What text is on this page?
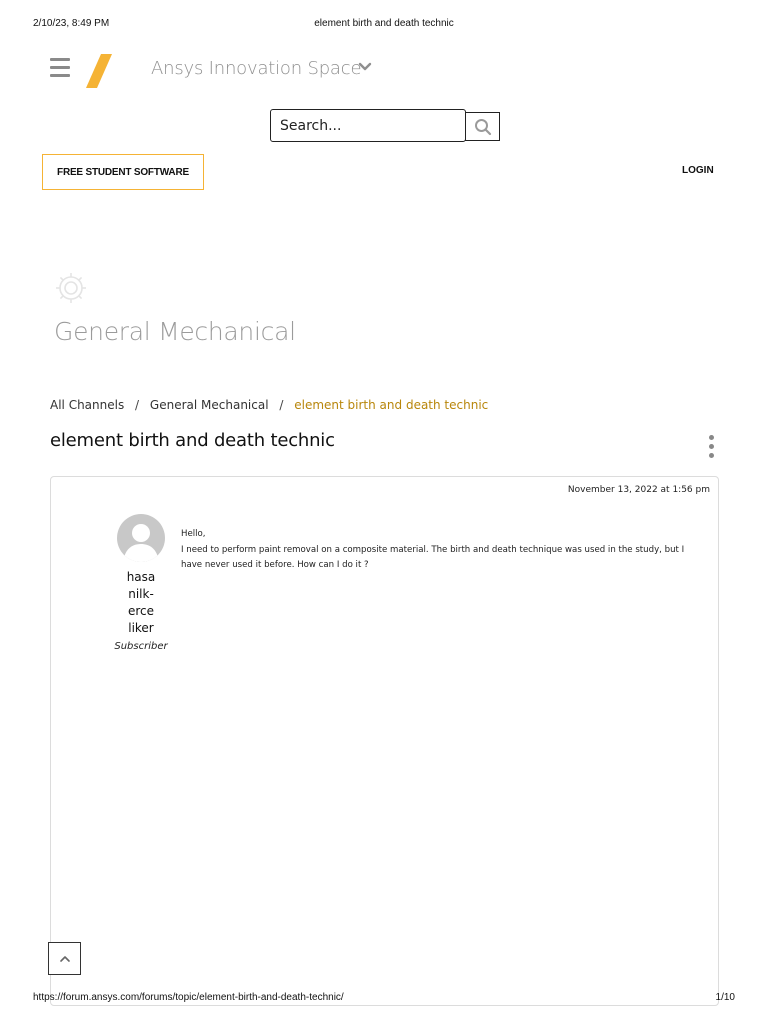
2/10/23, 8:49 PM	element birth and death technic
Ansys Innovation Space
Search...
FREE STUDENT SOFTWARE	LOGIN
General Mechanical
All Channels / General Mechanical / element birth and death technic
element birth and death technic
November 13, 2022 at 1:56 pm
hasa
nilk-
erce
liker
Subscriber
Hello,
I need to perform paint removal on a composite material. The birth and death technique was used in the study, but I
have never used it before. How can I do it ?
https://forum.ansys.com/forums/topic/element-birth-and-death-technic/	1/10
